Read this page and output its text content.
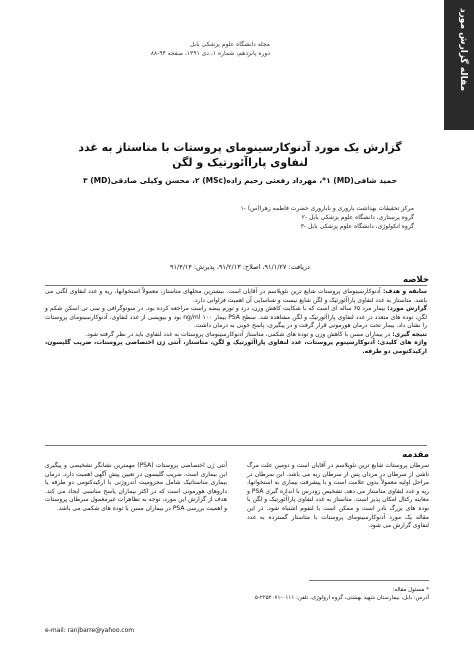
مجله دانشگاه علوم پزشکی بابل
دوره پانزدهم، شماره ۱، دی ۱۳۹۱، صفحه ۹۴-۸۸	مقاله گزارش مورد
گزارش یک مورد آدنوکارسینومای پروستات با متاستاز به غدد لنفاوی پاراآئورتیک و لگن
حمید شافی(MD) ۱*، مهرداد رفعتی رحیم زاده(MSc) ۲، محسن وکیلی صادقی(MD) ۳
۱- مرکز تحقیقات بهداشت باروری و ناباروری حضرت فاطمه زهرا(س)
۲- گروه پرستاری، دانشگاه علوم پزشکی بابل
۳- گروه انکولوژی، دانشگاه علوم پزشکی بابل
دریافت: ۹۱/۱/۲۷، اصلاح: ۹۱/۲/۱۳، پذیرش: ۹۱/۴/۱۴
خلاصه

سابقه و هدف: آدنوکارسینومای پروستات شایع ترین نئوپلاسم در آقایان است. بیشترین محلهای متاستاز، معمولاً استخوانها، ریه و غدد لنفاوی لگنی می باشد. متاستاز به غدد لنفاوی پاراآئورتیک و لگن شایع نیست و شناسایی آن اهمیت فراوانی دارد.

گزارش مورد: بیمار مرد ۶۵ ساله ای است که با شکایت کاهش وزن، درد و تورم بیضه راست مراجعه کرده بود. در سونوگرافی و سی تی اسکن شکم و لگن، توده های متعدد در غدد لنفاوی پاراآئورتیک و لگن مشاهده شد. سطح PSA بیمار ng/ml ۱۰۰ بود و بیوپسی از غدد لنفاوی، آدنوکارسینومای پروستات را نشان داد. بیمار تحت درمان هورمونی قرار گرفت و در پیگیری، پاسخ خوبی به درمان داشت.

نتیجه گیری: در بیماران مسن با کاهش وزن و توده های شکمی، متاستاز آدنوکارسینومای پروستات به غدد لنفاوی باید در نظر گرفته شود.

واژه های کلیدی: آدنوکارسینوم پروستات، غدد لنفاوی پاراآئورتیک و لگن، متاستاز، آنتی ژن اختصاصی پروستات، ضریب گلیسون، ارکیدکتومی دو طرفه.

مقدمه
سرطان پروستات شایع ترین نئوپلاسم در آقایان است و دومین علت مرگ ناشی از سرطان در مردان پس از سرطان ریه می باشد. این سرطان در مراحل اولیه معمولاً بدون علامت است و با پیشرفت بیماری به استخوانها، ریه و غدد لنفاوی متاستاز می دهد. تشخیص زودرس با اندازه گیری PSA و معاینه رکتال امکان پذیر است. متاستاز به غدد لنفاوی پاراآئورتیک و لگن با توده های بزرگ نادر است و ممکن است با لنفوم اشتباه شود. در این مقاله یک مورد آدنوکارسینومای پروستات با متاستاز گسترده به غدد لنفاوی گزارش می شود.
آنتی ژن اختصاصی پروستات (PSA) مهمترین نشانگر تشخیصی و پیگیری این بیماری است. ضریب گلیسون در تعیین پیش آگهی اهمیت دارد. درمان بیماری متاستاتیک شامل محرومیت آندروژنی با ارکیدکتومی دو طرفه یا داروهای هورمونی است که در اکثر بیماران پاسخ مناسبی ایجاد می کند. هدف از گزارش این مورد، توجه به تظاهرات غیرمعمول سرطان پروستات و اهمیت بررسی PSA در بیماران مسن با توده های شکمی می باشد.
* مسئول مقاله:
آدرس: بابل، بیمارستان شهید بهشتی، گروه ارولوژی، تلفن: ۰۱۱۱-۲۲۵۲۰۷۱-۵
e-mail: ranjbarre@yahoo.com
